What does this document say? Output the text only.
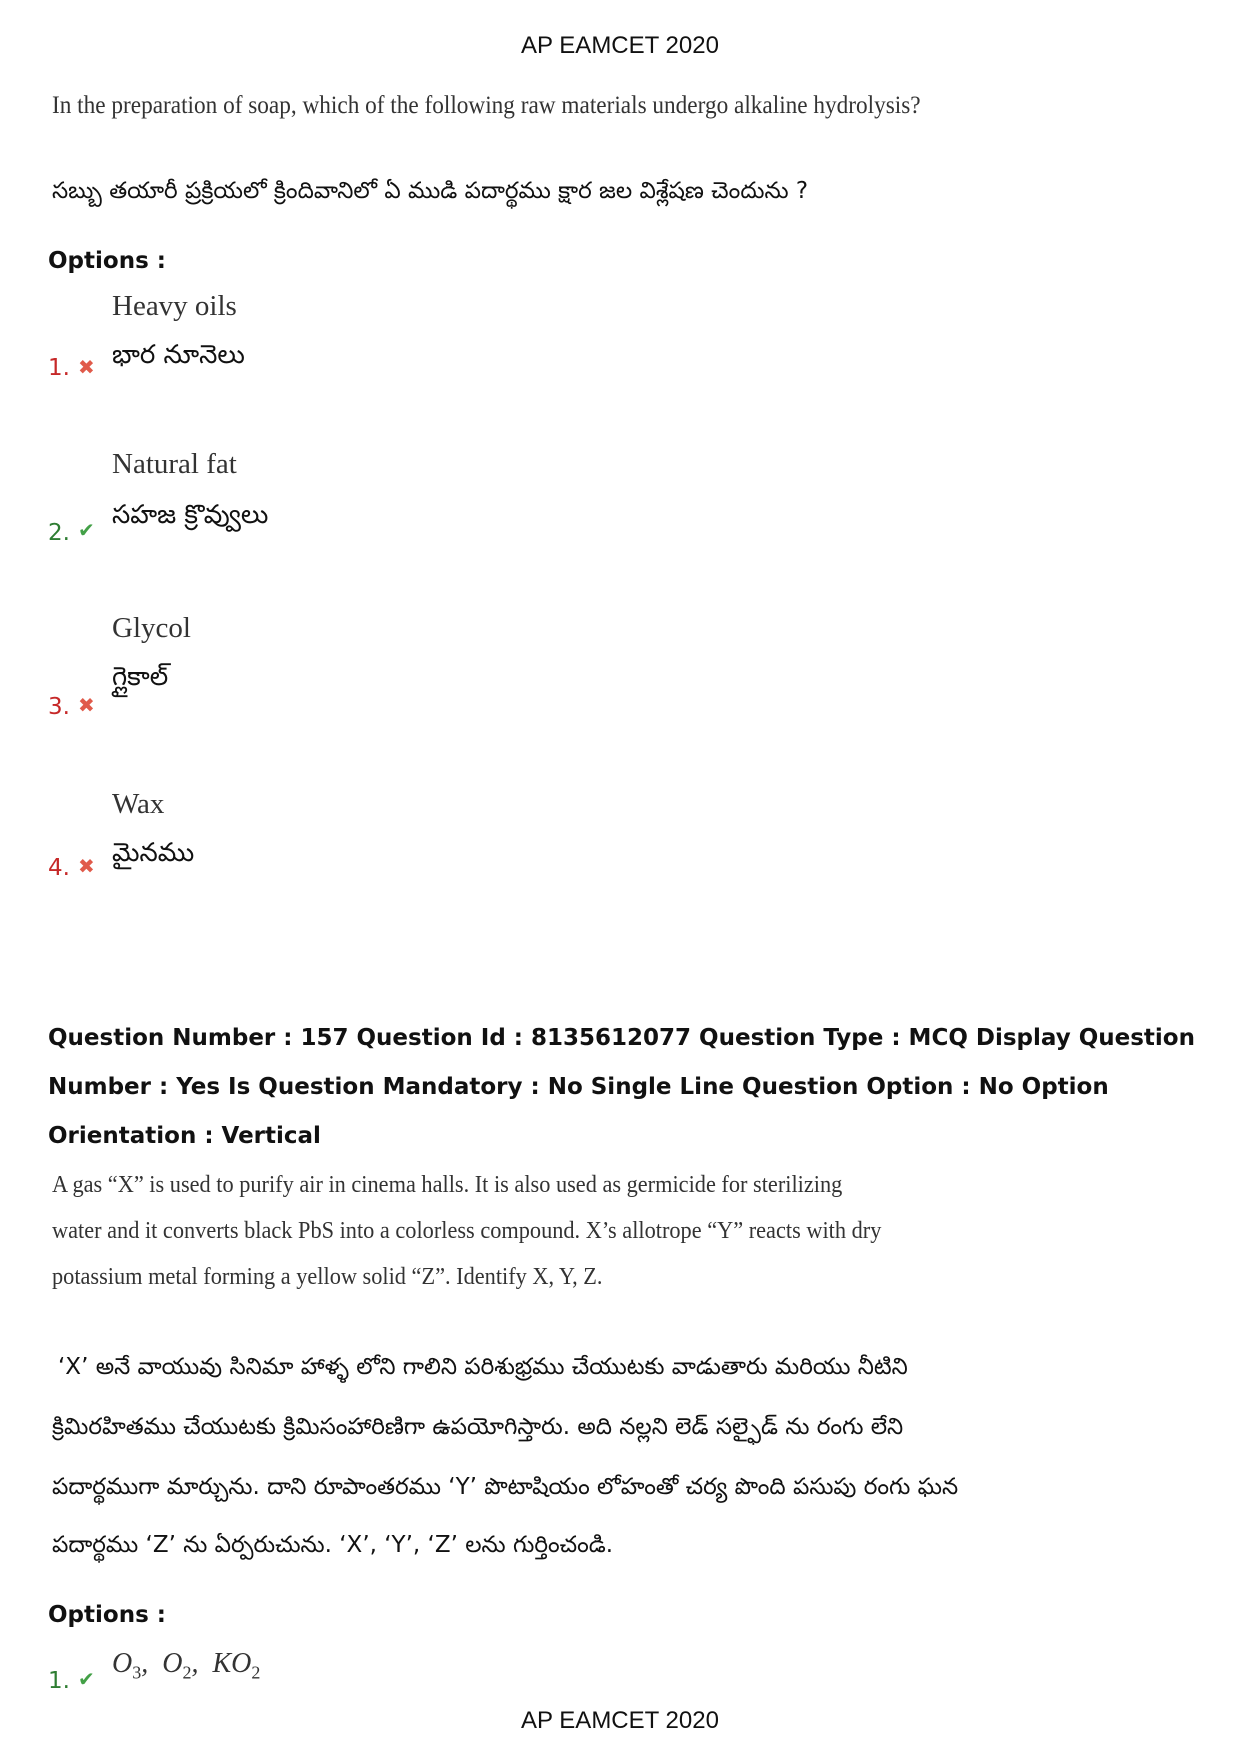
AP EAMCET 2020
In the preparation of soap, which of the following raw materials undergo alkaline hydrolysis?
సబ్బు తయారీ ప్రక్రియలో క్రిందివానిలో ఏ ముడి పదార్థము క్షార జల విశ్లేషణ చెందును ?
Options :
Heavy oils
భార నూనెలు
1. ✖
Natural fat
సహజ క్రొవ్వులు
2. ✔
Glycol
గ్లైకాల్
3. ✖
Wax
మైనము
4. ✖
Question Number : 157 Question Id : 8135612077 Question Type : MCQ Display Question
Number : Yes Is Question Mandatory : No Single Line Question Option : No Option
Orientation : Vertical
A gas “X” is used to purify air in cinema halls. It is also used as germicide for sterilizing
water and it converts black PbS into a colorless compound. X’s allotrope “Y” reacts with dry
potassium metal forming a yellow solid “Z”. Identify X, Y, Z.
‘X’ అనే వాయువు సినిమా హాళ్ళ లోని గాలిని పరిశుభ్రము చేయుటకు వాడుతారు మరియు నీటిని
క్రిమిరహితము చేయుటకు క్రిమిసంహారిణిగా ఉపయోగిస్తారు. అది నల్లని లెడ్ సల్ఫైడ్ ను రంగు లేని
పదార్థముగా మార్చును. దాని రూపాంతరము ‘Y’ పొటాషియం లోహంతో చర్య పొంది పసుపు రంగు ఘన
పదార్థము ‘Z’ ను ఏర్పరుచును. ‘X’, ‘Y’, ‘Z’ లను గుర్తించండి.
Options :
$O_3$,  $O_2$,  $KO_2$
1. ✔
AP EAMCET 2020
